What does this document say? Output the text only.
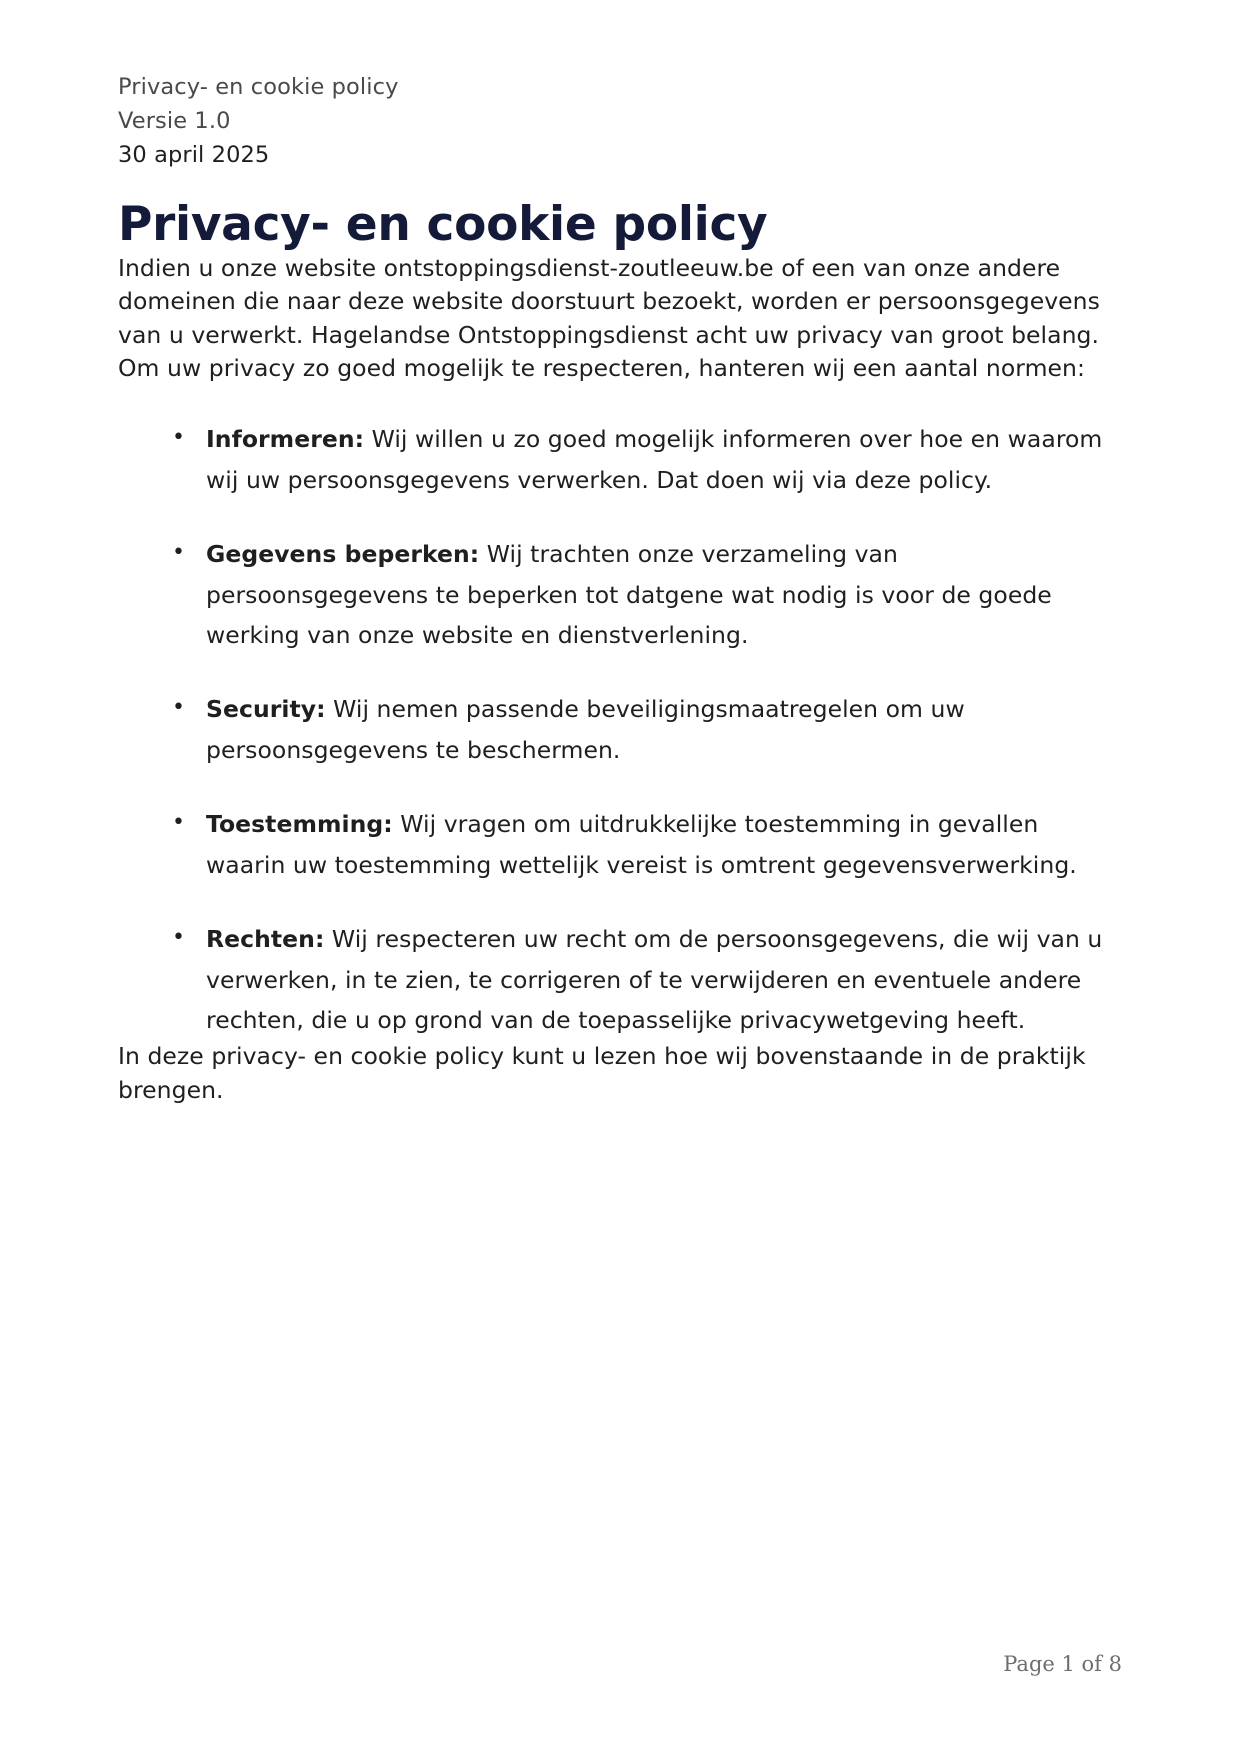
Privacy- en cookie policy
Versie 1.0
30 april 2025
Privacy- en cookie policy

Indien u onze website ontstoppingsdienst-zoutleeuw.be of een van onze andere domeinen die naar deze website doorstuurt bezoekt, worden er persoonsgegevens van u verwerkt. Hagelandse Ontstoppingsdienst acht uw privacy van groot belang.

Om uw privacy zo goed mogelijk te respecteren, hanteren wij een aantal normen:

• Informeren: Wij willen u zo goed mogelijk informeren over hoe en waarom wij uw persoonsgegevens verwerken. Dat doen wij via deze policy.
• Gegevens beperken: Wij trachten onze verzameling van persoonsgegevens te beperken tot datgene wat nodig is voor de goede werking van onze website en dienstverlening.
• Security: Wij nemen passende beveiligingsmaatregelen om uw persoonsgegevens te beschermen.
• Toestemming: Wij vragen om uitdrukkelijke toestemming in gevallen waarin uw toestemming wettelijk vereist is omtrent gegevensverwerking.
• Rechten: Wij respecteren uw recht om de persoonsgegevens, die wij van u verwerken, in te zien, te corrigeren of te verwijderen en eventuele andere rechten, die u op grond van de toepasselijke privacywetgeving heeft.

In deze privacy- en cookie policy kunt u lezen hoe wij bovenstaande in de praktijk brengen.

Page 1 of 8
